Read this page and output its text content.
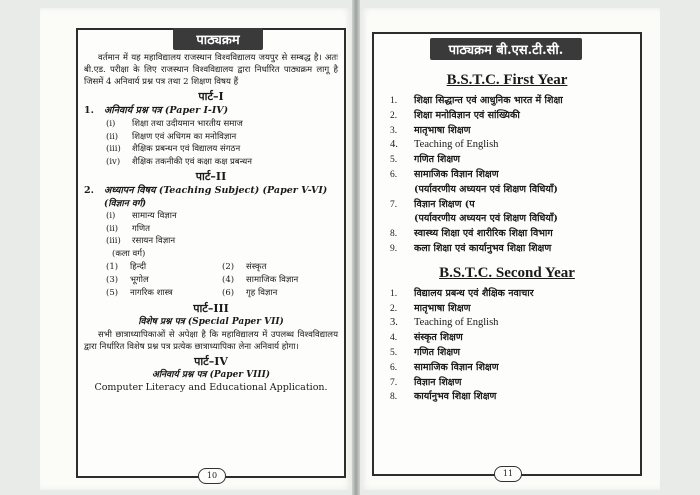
पाठ्यक्रम

वर्तमान में यह महाविद्यालय राजस्थान विश्वविद्यालय जयपुर से सम्बद्ध है। अतः बी.एड. परीक्षा के लिए राजस्थान विश्वविद्यालय द्वारा निर्धारित पाठ्यक्रम लागू है जिसमें 4 अनिवार्य प्रश्न पत्र तथा 2 शिक्षण विषय हैं

पार्ट–I
1.	अनिवार्य प्रश्न पत्र (Paper I-IV)
(i)	शिक्षा तथा उदीयमान भारतीय समाज
(ii)	शिक्षण एवं अधिगम का मनोविज्ञान
(iii)	शैक्षिक प्रबन्धन एवं विद्यालय संगठन
(iv)	शैक्षिक तकनीकी एवं कक्षा कक्ष प्रबन्धन
पार्ट–II
2.	अध्यापन विषय (Teaching Subject) (Paper V-VI)
(विज्ञान वर्ग)
(i)	सामान्य विज्ञान
(ii)	गणित
(iii)	रसायन विज्ञान
(कला वर्ग)
(1)	हिन्दी	(2)	संस्कृत
(3)	भूगोल	(4)	सामाजिक विज्ञान
(5)	नागरिक शास्त्र	(6)	गृह विज्ञान
पार्ट–III
विशेष प्रश्न पत्र (Special Paper VII)

सभी छात्राध्यापिकाओं से अपेक्षा है कि महाविद्यालय में उपलब्ध विश्वविद्यालय द्वारा निर्धारित विशेष प्रश्न पत्र प्रत्येक छात्राध्यापिका लेना अनिवार्य होगा।

पार्ट–IV
अनिवार्य प्रश्न पत्र (Paper VIII)
Computer Literacy and Educational Application.
10
पाठ्यक्रम बी.एस.टी.सी.
B.S.T.C. First Year
1.	शिक्षा सिद्धान्त एवं आधुनिक भारत में शिक्षा
2.	शिक्षा मनोविज्ञान एवं सांख्यिकी
3.	मातृभाषा शिक्षण
4.	Teaching of English
5.	गणित शिक्षण
6.	सामाजिक विज्ञान शिक्षण
(पर्यावरणीय अध्ययन एवं शिक्षण विधियाँ)
7.	विज्ञान शिक्षण (प
(पर्यावरणीय अध्ययन एवं शिक्षण विधियाँ)
8.	स्वास्थ्य शिक्षा एवं शारीरिक शिक्षा विभाग
9.	कला शिक्षा एवं कार्यानुभव शिक्षा शिक्षण
B.S.T.C. Second Year
1.	विद्यालय प्रबन्ध एवं शैक्षिक नवाचार
2.	मातृभाषा शिक्षण
3.	Teaching of English
4.	संस्कृत शिक्षण
5.	गणित शिक्षण
6.	सामाजिक विज्ञान शिक्षण
7.	विज्ञान शिक्षण
8.	कार्यानुभव शिक्षा शिक्षण
11
